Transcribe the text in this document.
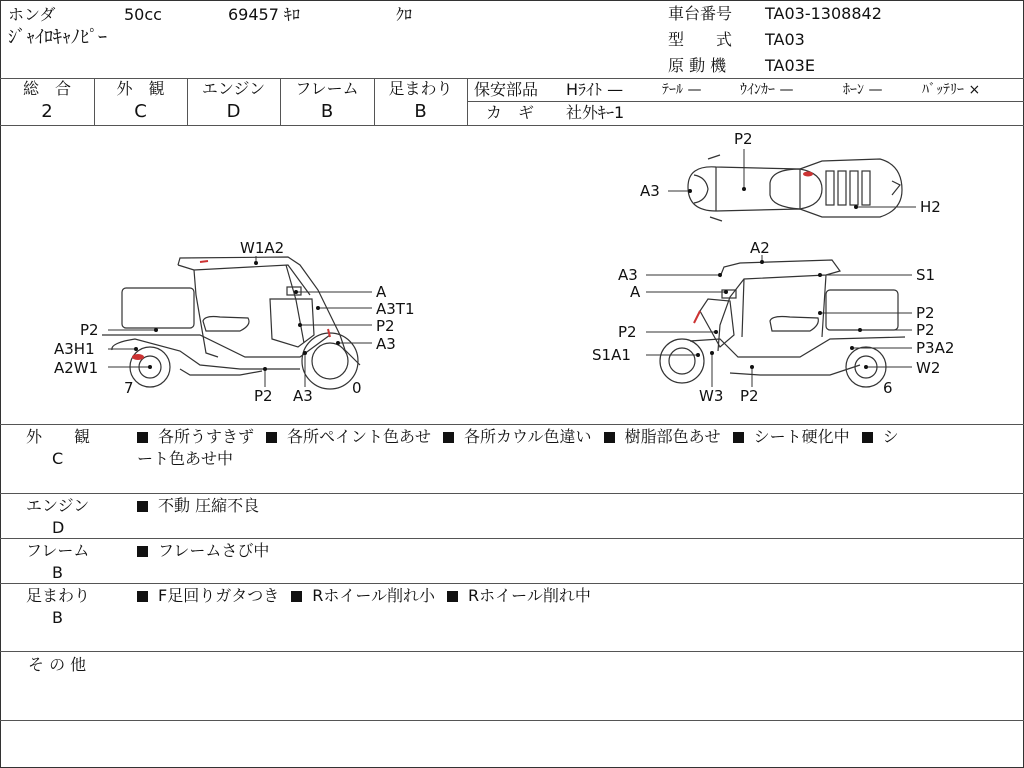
ホンダ	50cc	69457 ｷﾛ	ｸﾛ
ｼﾞｬｲﾛｷｬﾉﾋﾟｰ
車台番号 TA03-1308842
型　　式 TA03
原 動 機 TA03E
総　合
2
外　観
C
エンジン
D
フレーム
B
足まわり
B
保安部品 Hﾗｲﾄ —	ﾃｰﾙ —	ｳｲﾝｶｰ —	ﾎｰﾝ —	ﾊﾞｯﾃﾘｰ ×
カ　ギ 社外ｷｰ1
W1A2
A
A3T1
P2
A3
P2
A3H1
A2W1
7	P2 A3	0
P2
A3
H2
A2
A3	S1
A
P2
P2	P2
P3A2
S1A1
W2
W3 P2	6
外　　観
C
各所うすきず 各所ペイント色あせ 各所カウル色違い 樹脂部色あせ シート硬化中 シ
ート色あせ中
エンジン
D
不動 圧縮不良
フレーム
B
フレームさび中
足まわり
B
F足回りガタつき Rホイール削れ小 Rホイール削れ中
そ の 他
